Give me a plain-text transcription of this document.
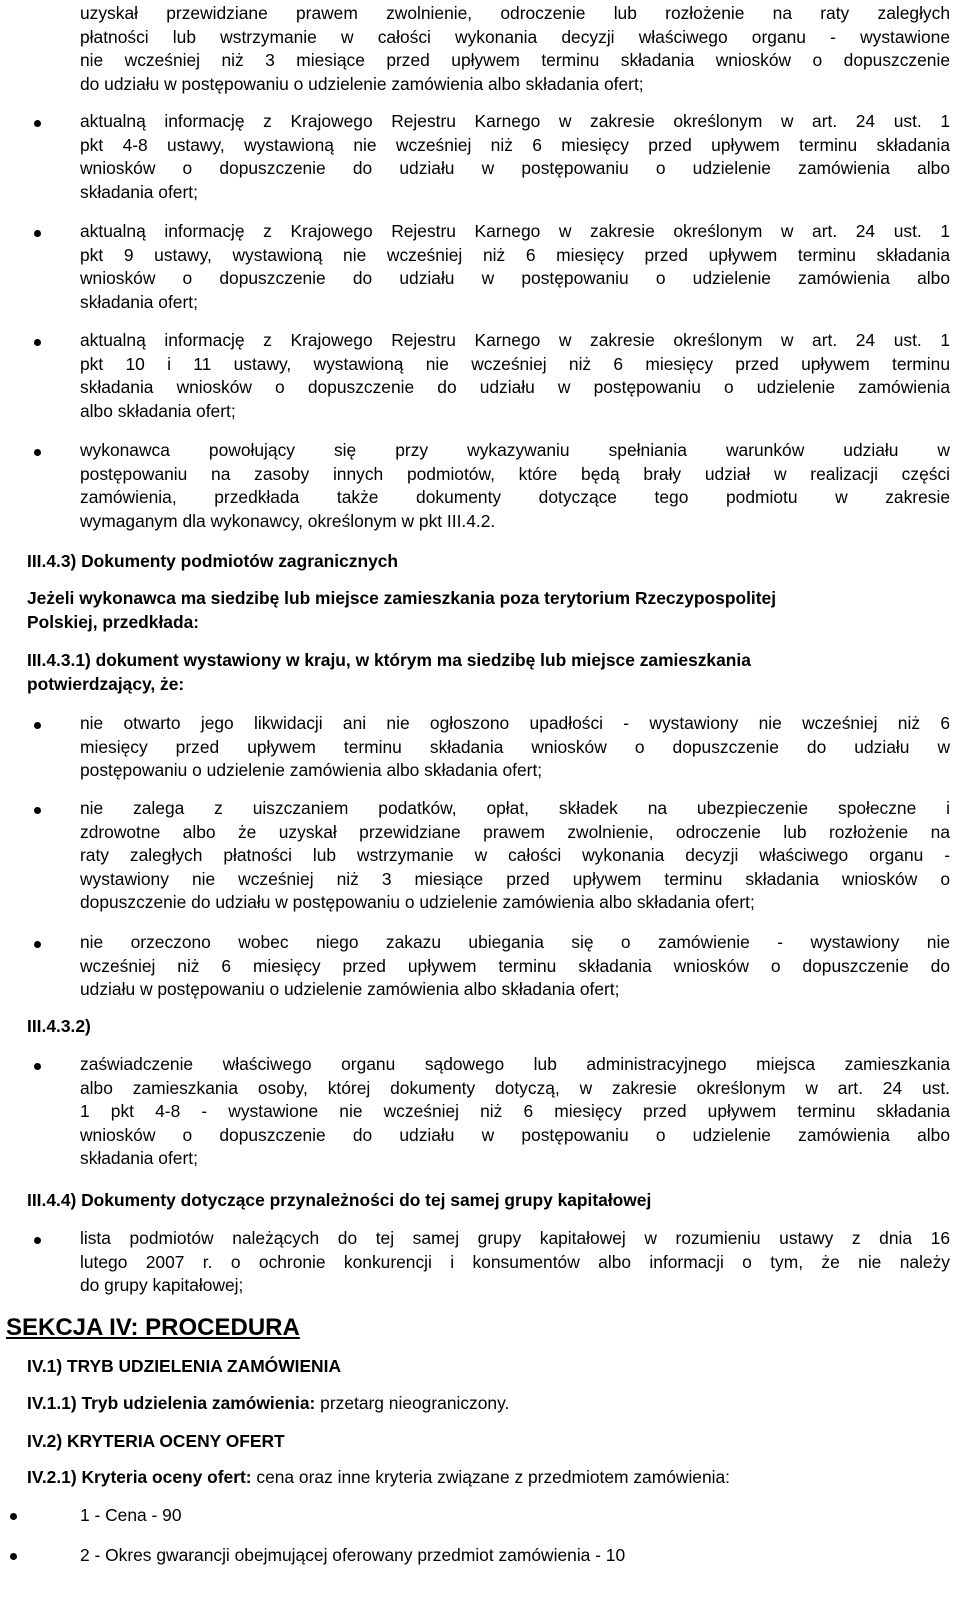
uzyskał przewidziane prawem zwolnienie, odroczenie lub rozłożenie na raty zaległych
płatności lub wstrzymanie w całości wykonania decyzji właściwego organu - wystawione
nie wcześniej niż 3 miesiące przed upływem terminu składania wniosków o dopuszczenie
do udziału w postępowaniu o udzielenie zamówienia albo składania ofert;
aktualną informację z Krajowego Rejestru Karnego w zakresie określonym w art. 24 ust. 1
pkt 4-8 ustawy, wystawioną nie wcześniej niż 6 miesięcy przed upływem terminu składania
wniosków o dopuszczenie do udziału w postępowaniu o udzielenie zamówienia albo
składania ofert;
aktualną informację z Krajowego Rejestru Karnego w zakresie określonym w art. 24 ust. 1
pkt 9 ustawy, wystawioną nie wcześniej niż 6 miesięcy przed upływem terminu składania
wniosków o dopuszczenie do udziału w postępowaniu o udzielenie zamówienia albo
składania ofert;
aktualną informację z Krajowego Rejestru Karnego w zakresie określonym w art. 24 ust. 1
pkt 10 i 11 ustawy, wystawioną nie wcześniej niż 6 miesięcy przed upływem terminu
składania wniosków o dopuszczenie do udziału w postępowaniu o udzielenie zamówienia
albo składania ofert;
wykonawca powołujący się przy wykazywaniu spełniania warunków udziału w
postępowaniu na zasoby innych podmiotów, które będą brały udział w realizacji części
zamówienia, przedkłada także dokumenty dotyczące tego podmiotu w zakresie
wymaganym dla wykonawcy, określonym w pkt III.4.2.
III.4.3) Dokumenty podmiotów zagranicznych
Jeżeli wykonawca ma siedzibę lub miejsce zamieszkania poza terytorium Rzeczypospolitej
Polskiej, przedkłada:
III.4.3.1) dokument wystawiony w kraju, w którym ma siedzibę lub miejsce zamieszkania
potwierdzający, że:
nie otwarto jego likwidacji ani nie ogłoszono upadłości - wystawiony nie wcześniej niż 6
miesięcy przed upływem terminu składania wniosków o dopuszczenie do udziału w
postępowaniu o udzielenie zamówienia albo składania ofert;
nie zalega z uiszczaniem podatków, opłat, składek na ubezpieczenie społeczne i
zdrowotne albo że uzyskał przewidziane prawem zwolnienie, odroczenie lub rozłożenie na
raty zaległych płatności lub wstrzymanie w całości wykonania decyzji właściwego organu -
wystawiony nie wcześniej niż 3 miesiące przed upływem terminu składania wniosków o
dopuszczenie do udziału w postępowaniu o udzielenie zamówienia albo składania ofert;
nie orzeczono wobec niego zakazu ubiegania się o zamówienie - wystawiony nie
wcześniej niż 6 miesięcy przed upływem terminu składania wniosków o dopuszczenie do
udziału w postępowaniu o udzielenie zamówienia albo składania ofert;
III.4.3.2)
zaświadczenie właściwego organu sądowego lub administracyjnego miejsca zamieszkania
albo zamieszkania osoby, której dokumenty dotyczą, w zakresie określonym w art. 24 ust.
1 pkt 4-8 - wystawione nie wcześniej niż 6 miesięcy przed upływem terminu składania
wniosków o dopuszczenie do udziału w postępowaniu o udzielenie zamówienia albo
składania ofert;
III.4.4) Dokumenty dotyczące przynależności do tej samej grupy kapitałowej
lista podmiotów należących do tej samej grupy kapitałowej w rozumieniu ustawy z dnia 16
lutego 2007 r. o ochronie konkurencji i konsumentów albo informacji o tym, że nie należy
do grupy kapitałowej;
SEKCJA IV: PROCEDURA
IV.1) TRYB UDZIELENIA ZAMÓWIENIA
IV.1.1) Tryb udzielenia zamówienia: przetarg nieograniczony.
IV.2) KRYTERIA OCENY OFERT
IV.2.1) Kryteria oceny ofert: cena oraz inne kryteria związane z przedmiotem zamówienia:
1 - Cena - 90
2 - Okres gwarancji obejmującej oferowany przedmiot zamówienia - 10
